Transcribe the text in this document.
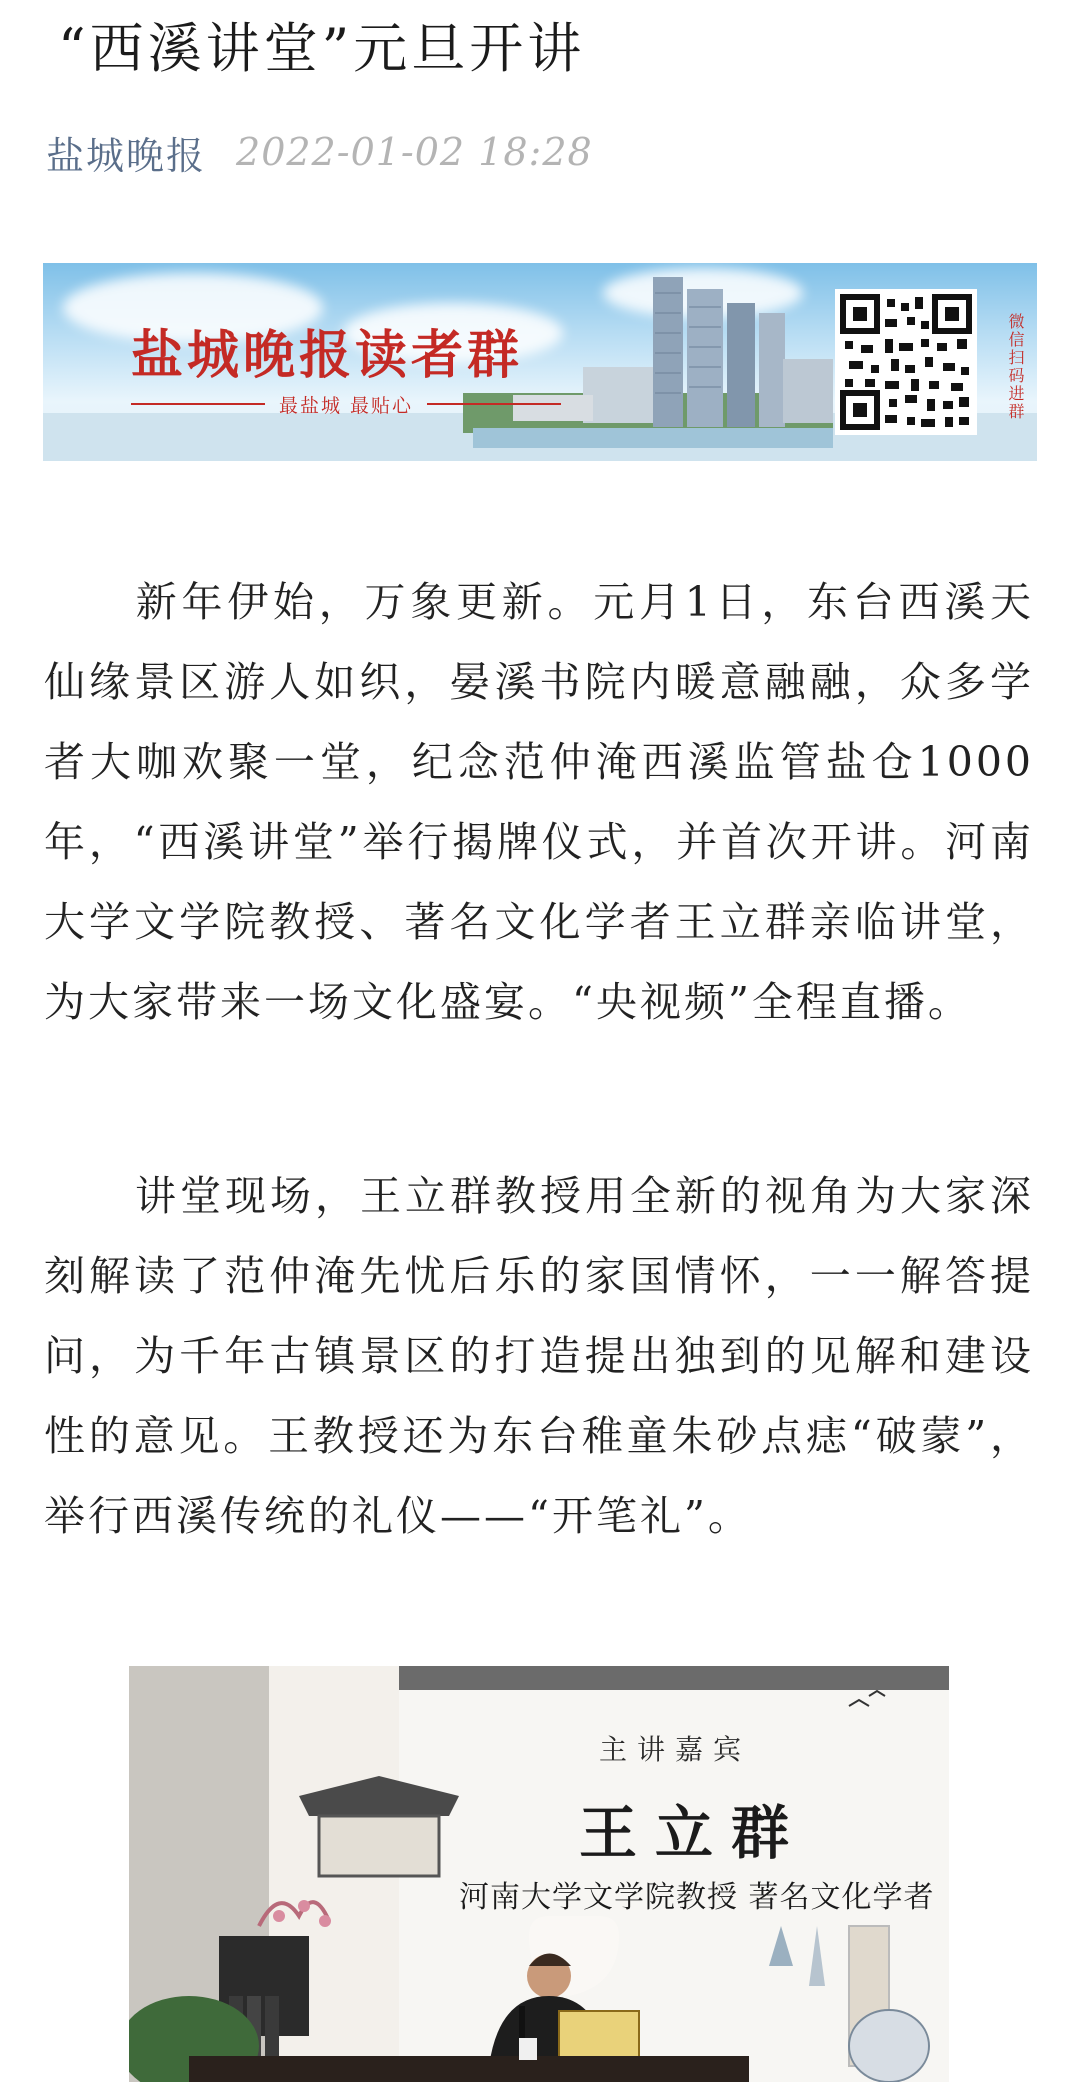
“西溪讲堂”元旦开讲
盐城晚报 2022-01-02 18:28
盐城晚报读者群
最盐城 最贴心	微信扫码进群

新年伊始，万象更新。元月1日，东台西溪天仙缘景区游人如织，晏溪书院内暖意融融，众多学者大咖欢聚一堂，纪念范仲淹西溪监管盐仓1000年，“西溪讲堂”举行揭牌仪式，并首次开讲。河南大学文学院教授、著名文化学者王立群亲临讲堂，为大家带来一场文化盛宴。“央视频”全程直播。

讲堂现场，王立群教授用全新的视角为大家深刻解读了范仲淹先忧后乐的家国情怀，一一解答提问，为千年古镇景区的打造提出独到的见解和建设性的意见。王教授还为东台稚童朱砂点痣“破蒙”，举行西溪传统的礼仪——“开笔礼”。

主讲嘉宾
王立群
河南大学文学院教授 著名文化学者
